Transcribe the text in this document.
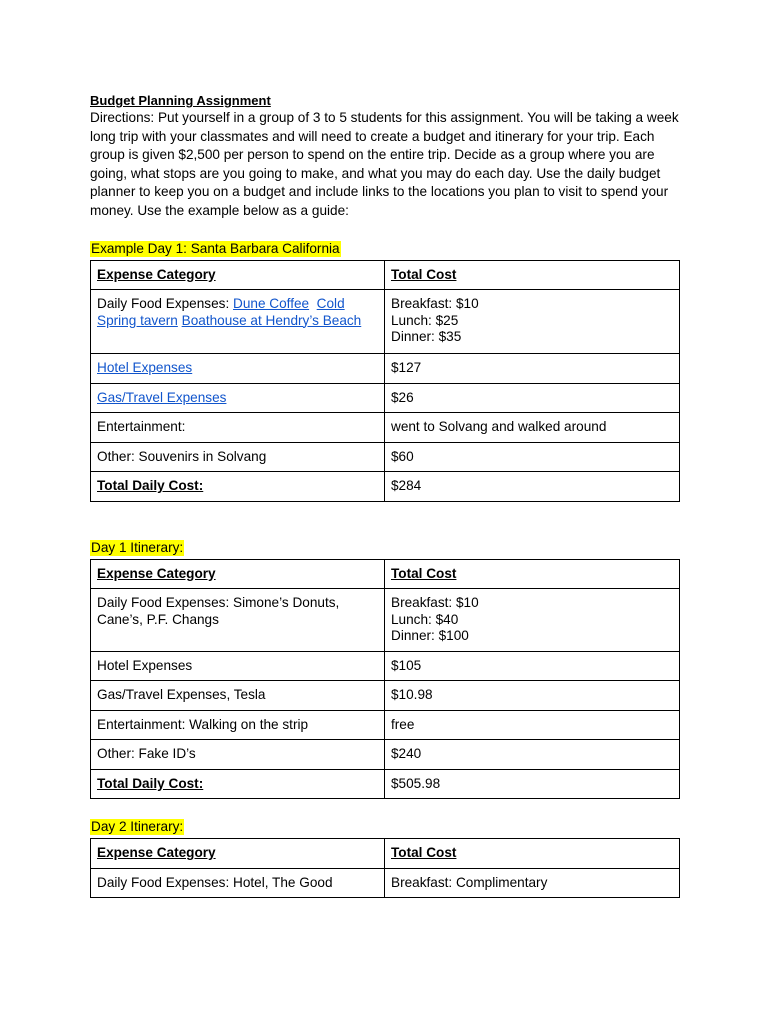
Budget Planning Assignment
Directions: Put yourself in a group of 3 to 5 students for this assignment. You will be taking a week long trip with your classmates and will need to create a budget and itinerary for your trip. Each group is given $2,500 per person to spend on the entire trip. Decide as a group where you are going, what stops are you going to make, and what you may do each day. Use the daily budget planner to keep you on a budget and include links to the locations you plan to visit to spend your money. Use the example below as a guide:
Example Day 1: Santa Barbara California
Expense Category	Total Cost
Daily Food Expenses: Dune Coffee Cold Spring tavern Boathouse at Hendry’s Beach	Breakfast: $10
Lunch: $25
Dinner: $35

Hotel Expenses	$127
Gas/Travel Expenses	$26
Entertainment:	went to Solvang and walked around
Other: Souvenirs in Solvang	$60
Total Daily Cost:	$284
Day 1 Itinerary:
Expense Category	Total Cost
Daily Food Expenses: Simone’s Donuts, Cane’s, P.F. Changs	Breakfast: $10
Lunch: $40
Dinner: $100

Hotel Expenses	$105
Gas/Travel Expenses, Tesla	$10.98
Entertainment: Walking on the strip	free
Other: Fake ID’s	$240
Total Daily Cost:	$505.98
Day 2 Itinerary:
Expense Category	Total Cost
Daily Food Expenses: Hotel, The Good	Breakfast: Complimentary
